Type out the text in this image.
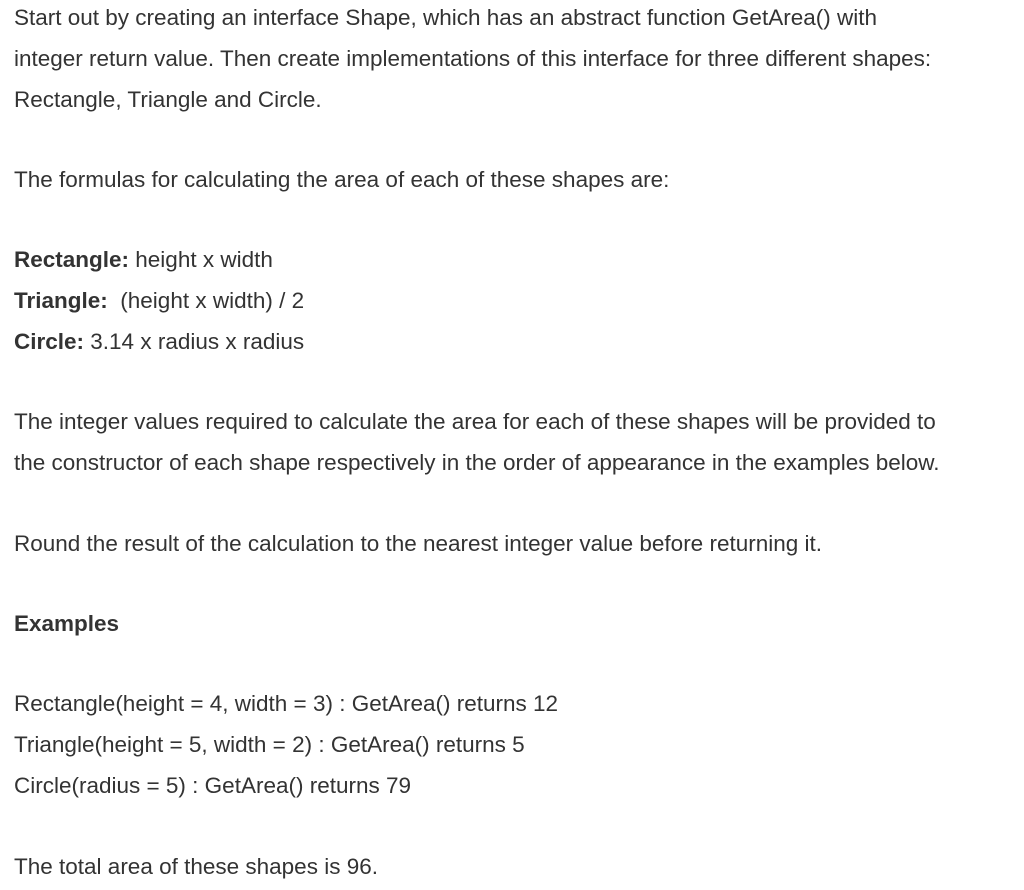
Start out by creating an interface Shape, which has an abstract function GetArea() with

integer return value. Then create implementations of this interface for three different shapes:

Rectangle, Triangle and Circle.

The formulas for calculating the area of each of these shapes are:

Rectangle: height x width

Triangle:  (height x width) / 2

Circle: 3.14 x radius x radius

The integer values required to calculate the area for each of these shapes will be provided to

the constructor of each shape respectively in the order of appearance in the examples below.

Round the result of the calculation to the nearest integer value before returning it.

Examples

Rectangle(height = 4, width = 3) : GetArea() returns 12

Triangle(height = 5, width = 2) : GetArea() returns 5

Circle(radius = 5) : GetArea() returns 79

The total area of these shapes is 96.
